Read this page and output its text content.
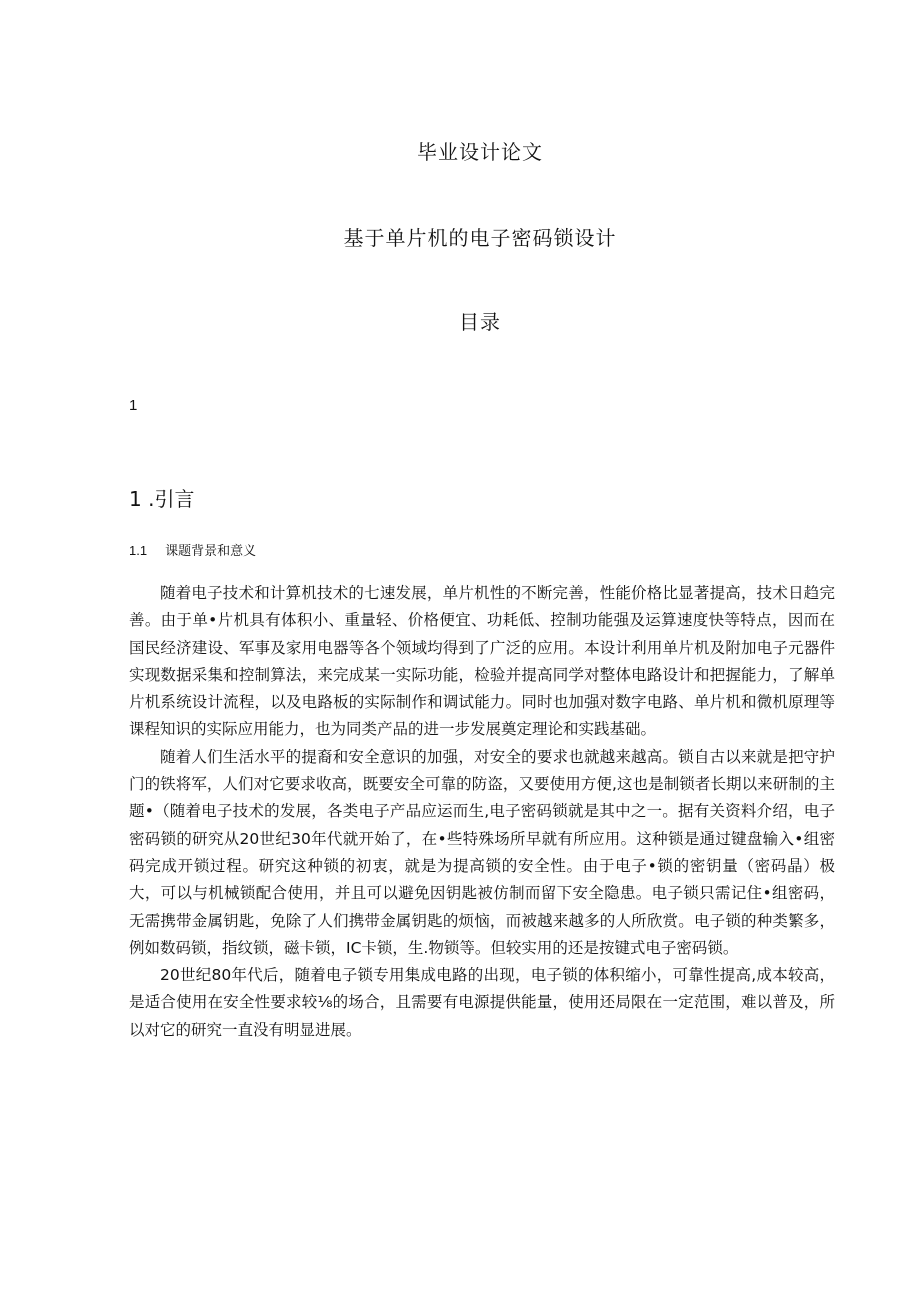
毕业设计论文
基于单片机的电子密码锁设计
目录
1
1 .引言
1.1 课题背景和意义

随着电子技术和计算机技术的七速发展，单片机性的不断完善，性能价格比显著提高，技术日趋完善。由于单•片机具有体积小、重量轻、价格便宜、功耗低、控制功能强及运算速度快等特点，因而在国民经济建设、军事及家用电器等各个领域均得到了广泛的应用。本设计利用单片机及附加电子元器件实现数据采集和控制算法，来完成某一实际功能，检验并提高同学对整体电路设计和把握能力，了解单片机系统设计流程，以及电路板的实际制作和调试能力。同时也加强对数字电路、单片机和微机原理等课程知识的实际应用能力，也为同类产品的进一步发展奠定理论和实践基础。

随着人们生活水平的提裔和安全意识的加强，对安全的要求也就越来越高。锁自古以来就是把守护门的铁将军，人们对它要求收高，既要安全可靠的防盗，又要使用方便,这也是制锁者长期以来研制的主题•（随着电子技术的发展，各类电子产品应运而生,电子密码锁就是其中之一。据有关资料介绍，电子密码锁的研究从20世纪30年代就开始了，在•些特殊场所早就有所应用。这种锁是通过键盘输入•组密码完成开锁过程。研究这种锁的初衷，就是为提高锁的安全性。由于电子•锁的密钥量（密码晶）极大，可以与机械锁配合使用，并且可以避免因钥匙被仿制而留下安全隐患。电子锁只需记住•组密码，无需携带金属钥匙，免除了人们携带金属钥匙的烦恼，而被越来越多的人所欣赏。电子锁的种类繁多，例如数码锁，指纹锁，磁卡锁，IC卡锁，生.物锁等。但较实用的还是按键式电子密码锁。

20世纪80年代后，随着电子锁专用集成电路的出现，电子锁的体积缩小，可靠性提高,成本较高，是适合使用在安全性要求较⅛的场合，且需要有电源提供能量，使用还局限在一定范围，难以普及，所以对它的研究一直没有明显进展。
